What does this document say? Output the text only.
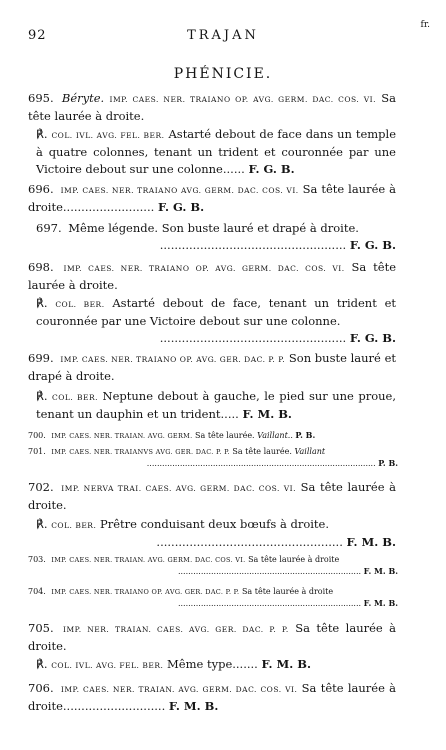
92	TRAJAN
fr.
PHÉNICIE.
695. Béryte. IMP. CAES. NER. TRAIANO OP. AVG. GERM. DAC. COS. VI. Sa tête laurée à droite.
℟. COL. IVL. AVG. FEL. BER. Astarté debout de face dans un temple à quatre colonnes, tenant un trident et couronnée par une Victoire debout sur une colonne...... F. G. B.
696. IMP. CAES. NER. TRAIANO AVG. GERM. DAC. COS. VI. Sa tête laurée à droite......................... F. G. B.
697. Même légende. Son buste lauré et drapé à droite.
................................................... F. G. B.
698. IMP. CAES. NER. TRAIANO OP. AVG. GERM. DAC. COS. VI. Sa tête laurée à droite.
℟. COL. BER. Astarté debout de face, tenant un trident et couronnée par une Victoire debout sur une colonne.
................................................... F. G. B.
699. IMP. CAES. NER. TRAIANO OP. AVG. GER. DAC. P. P. Son buste lauré et drapé à droite.
℟. COL. BER. Neptune debout à gauche, le pied sur une proue, tenant un dauphin et un trident..... F. M. B.
700. IMP. CAES. NER. TRAIAN. AVG. GERM. Sa tête laurée. Vaillant.. P. B.
701. IMP. CAES. NER. TRAIANVS AVG. GER. DAC. P. P. Sa tête laurée. Vaillant
.......................................................................................... P. B.
702. IMP. NERVA TRAI. CAES. AVG. GERM. DAC. COS. VI. Sa tête laurée à droite.
℟. COL. BER. Prêtre conduisant deux bœufs à droite.
................................................... F. M. B.
703. IMP. CAES. NER. TRAIAN. AVG. GERM. DAC. COS. VI. Sa tête laurée à droite
........................................................................ F. M. B.
704. IMP. CAES. NER. TRAIANO OP. AVG. GER. DAC. P. P. Sa tête laurée à droite
........................................................................ F. M. B.
705. IMP. NER. TRAIAN. CAES. AVG. GER. DAC. P. P. Sa tête laurée à droite.
℟. COL. IVL. AVG. FEL. BER. Même type....... F. M. B.
706. IMP. CAES. NER. TRAIAN. AVG. GERM. DAC. COS. VI. Sa tête laurée à droite............................ F. M. B.
